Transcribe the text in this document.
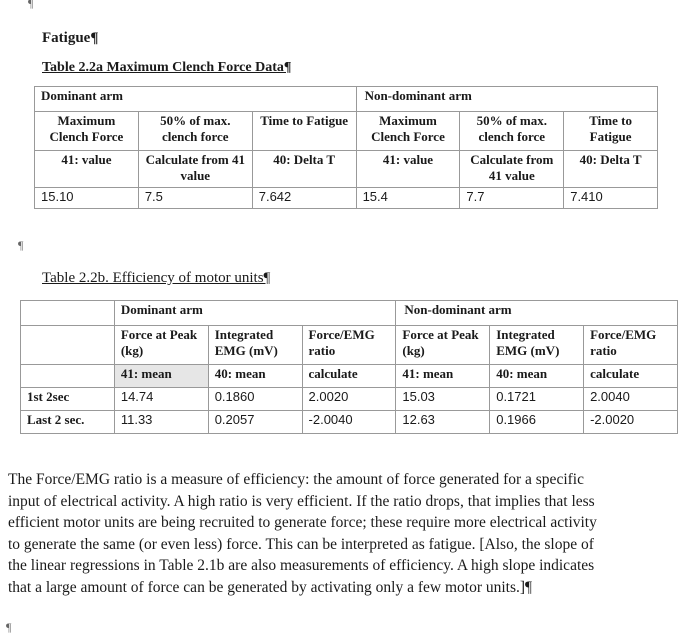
¶
Fatigue¶
Table 2.2a Maximum Clench Force Data¶
Dominant arm			Non-dominant arm		
Maximum Clench Force	50% of max. clench force	Time to Fatigue	Maximum Clench Force	50% of max. clench force	Time to Fatigue
41: value	Calculate from 41 value	40: Delta T	41: value	Calculate from 41 value	40: Delta T
15.10	7.5	7.642	15.4	7.7	7.410
¶
Table 2.2b. Efficiency of motor units¶
	Dominant arm			Non-dominant arm		
	Force at Peak (kg)	Integrated EMG (mV)	Force/EMG ratio	Force at Peak (kg)	Integrated EMG (mV)	Force/EMG ratio
	41: mean	40: mean	calculate	41: mean	40: mean	calculate
1st 2sec	14.74	0.1860	2.0020	15.03	0.1721	2.0040
Last 2 sec.	11.33	0.2057	-2.0040	12.63	0.1966	-2.0020
The Force/EMG ratio is a measure of efficiency: the amount of force generated for a specific
input of electrical activity. A high ratio is very efficient. If the ratio drops, that implies that less
efficient motor units are being recruited to generate force; these require more electrical activity
to generate the same (or even less) force. This can be interpreted as fatigue. [Also, the slope of
the linear regressions in Table 2.1b are also measurements of efficiency. A high slope indicates
that a large amount of force can be generated by activating only a few motor units.]¶
¶
